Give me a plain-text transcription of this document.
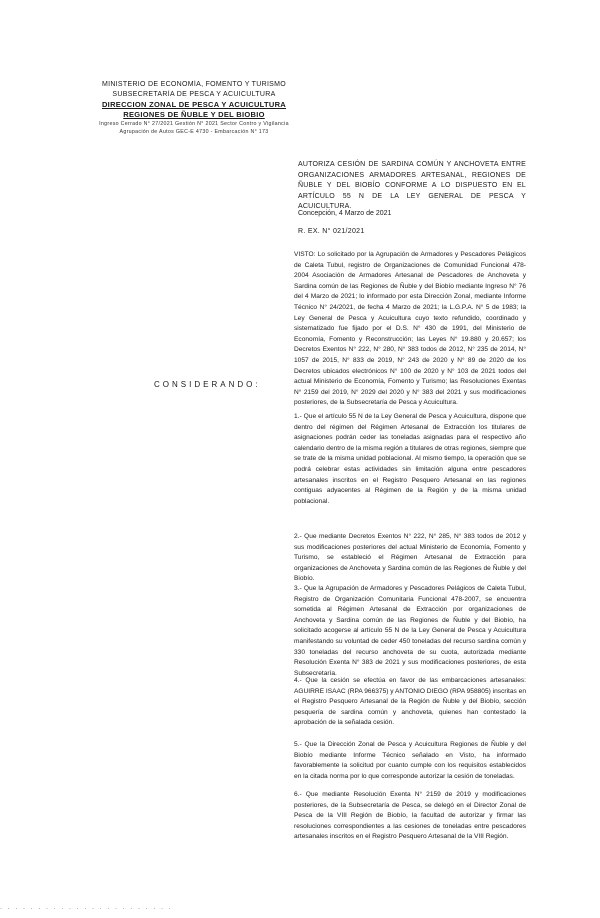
MINISTERIO DE ECONOMÍA, FOMENTO Y TURISMO
SUBSECRETARÍA DE PESCA Y ACUICULTURA
DIRECCION ZONAL DE PESCA Y ACUICULTURA
REGIONES DE ÑUBLE Y DEL BIOBIO
Ingreso Cerrado N° 27/2021 Gestión N° 2021 Sector Contro y Vigilancia
Agrupación de Autos GEC-E 4730 - Embarcación N° 173
AUTORIZA CESIÓN DE SARDINA COMÚN Y ANCHOVETA ENTRE ORGANIZACIONES ARMADORES ARTESANAL, REGIONES DE ÑUBLE Y DEL BIOBÍO CONFORME A LO DISPUESTO EN EL ARTÍCULO 55 N DE LA LEY GENERAL DE PESCA Y ACUICULTURA.
Concepción, 4 Marzo de 2021
R. EX. N° 021/2021
VISTO: Lo solicitado por la Agrupación de Armadores y Pescadores Pelágicos de Caleta Tubul, registro de Organizaciones de Comunidad Funcional 478-2004 Asociación de Armadores Artesanal de Pescadores de Anchoveta y Sardina común de las Regiones de Ñuble y del Biobío mediante Ingreso N° 76 del 4 Marzo de 2021; lo informado por esta Dirección Zonal, mediante Informe Técnico N° 24/2021, de fecha 4 Marzo de 2021; la L.G.P.A. N° 5 de 1983; la Ley General de Pesca y Acuicultura cuyo texto refundido, coordinado y sistematizado fue fijado por el D.S. N° 430 de 1991, del Ministerio de Economía, Fomento y Reconstrucción; las Leyes N° 19.880 y 20.657; los Decretos Exentos N° 222, N° 280, N° 383 todos de 2012, N° 235 de 2014, N° 1057 de 2015, N° 833 de 2019, N° 243 de 2020 y N° 89 de 2020 de los Decretos ubicados electrónicos N° 100 de 2020 y N° 103 de 2021 todos del actual Ministerio de Economía, Fomento y Turismo; las Resoluciones Exentas N° 2159 del 2019, N° 2029 del 2020 y N° 383 del 2021 y sus modificaciones posteriores, de la Subsecretaría de Pesca y Acuicultura.
CONSIDERANDO:
1.- Que el artículo 55 N de la Ley General de Pesca y Acuicultura, dispone que dentro del régimen del Régimen Artesanal de Extracción los titulares de asignaciones podrán ceder las toneladas asignadas para el respectivo año calendario dentro de la misma región a titulares de otras regiones, siempre que se trate de la misma unidad poblacional. Al mismo tiempo, la operación que se podrá celebrar estas actividades sin limitación alguna entre pescadores artesanales inscritos en el Registro Pesquero Artesanal en las regiones contiguas adyacentes al Régimen de la Región y de la misma unidad poblacional.
2.- Que mediante Decretos Exentos N° 222, N° 285, N° 383 todos de 2012 y sus modificaciones posteriores del actual Ministerio de Economía, Fomento y Turismo, se estableció el Régimen Artesanal de Extracción para organizaciones de Anchoveta y Sardina común de las Regiones de Ñuble y del Biobío.
3.- Que la Agrupación de Armadores y Pescadores Pelágicos de Caleta Tubul, Registro de Organización Comunitaria Funcional 478-2007, se encuentra sometida al Régimen Artesanal de Extracción por organizaciones de Anchoveta y Sardina común de las Regiones de Ñuble y del Biobío, ha solicitado acogerse al artículo 55 N de la Ley General de Pesca y Acuicultura manifestando su voluntad de ceder 450 toneladas del recurso sardina común y 330 toneladas del recurso anchoveta de su cuota, autorizada mediante Resolución Exenta N° 383 de 2021 y sus modificaciones posteriores, de esta Subsecretaría.
4.- Que la cesión se efectúa en favor de las embarcaciones artesanales: AGUIRRE ISAAC (RPA 966375) y ANTONIO DIEGO (RPA 958805) inscritas en el Registro Pesquero Artesanal de la Región de Ñuble y del Biobío, sección pesquería de sardina común y anchoveta, quienes han contestado la aprobación de la señalada cesión.
5.- Que la Dirección Zonal de Pesca y Acuicultura Regiones de Ñuble y del Biobío mediante Informe Técnico señalado en Visto, ha informado favorablemente la solicitud por cuanto cumple con los requisitos establecidos en la citada norma por lo que corresponde autorizar la cesión de toneladas.
6.- Que mediante Resolución Exenta N° 2159 de 2019 y modificaciones posteriores, de la Subsecretaría de Pesca, se delegó en el Director Zonal de Pesca de la VIII Región de Biobío, la facultad de autorizar y firmar las resoluciones correspondientes a las cesiones de toneladas entre pescadores artesanales inscritos en el Registro Pesquero Artesanal de la VIII Región.
· · · · · · · · · · · · · · · · · · · · · · ·
